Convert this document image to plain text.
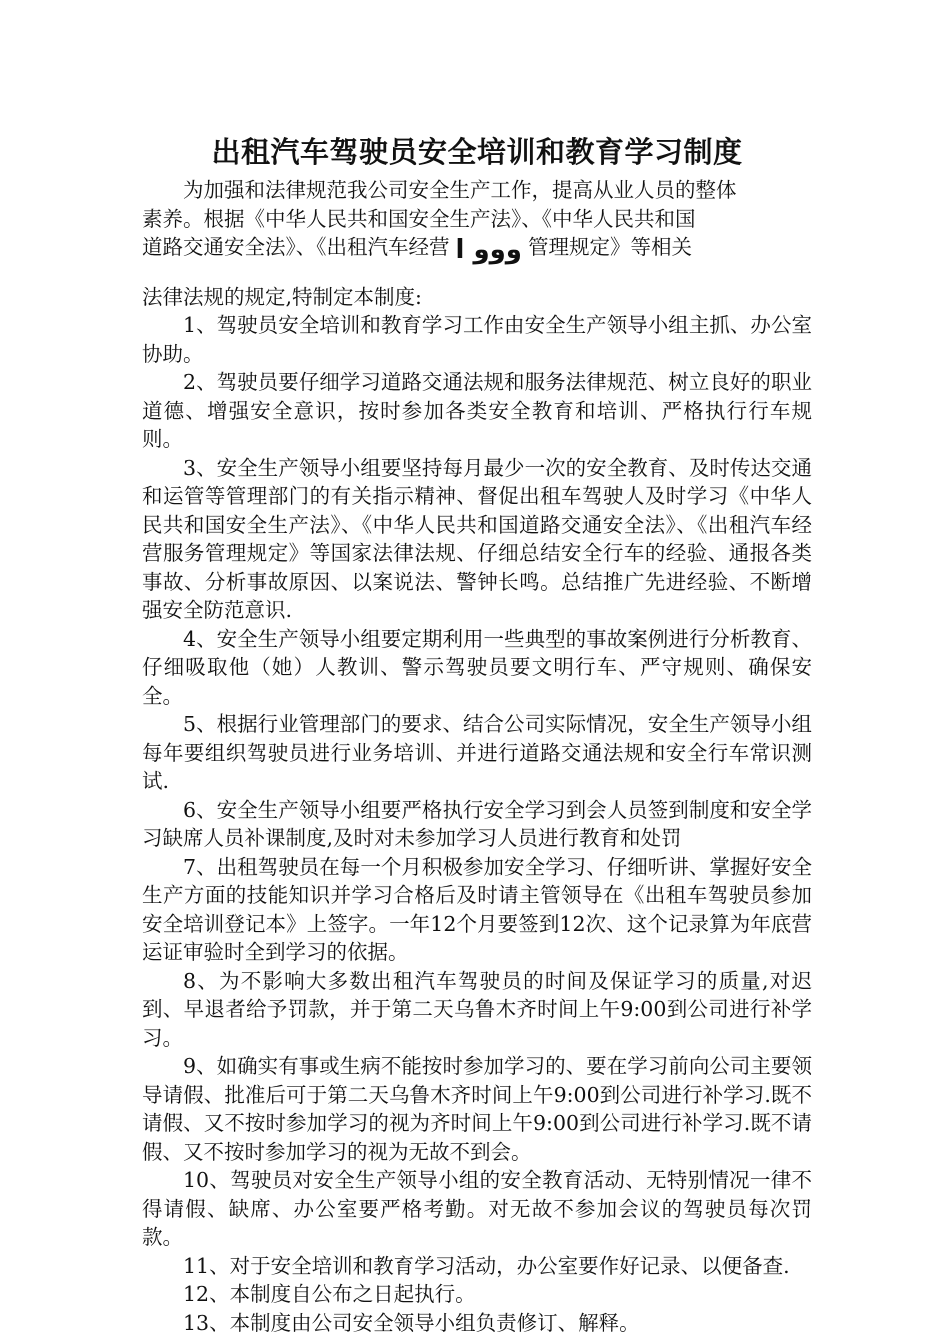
出租汽车驾驶员安全培训和教育学习制度

为加强和法律规范我公司安全生产工作，提高从业人员的整体

素养。根据《中华人民共和国安全生产法》、《中华人民共和国

道路交通安全法》、《出租汽车经营 ووو ا 管理规定》等相关

法律法规的规定,特制定本制度:

1、驾驶员安全培训和教育学习工作由安全生产领导小组主抓、办公室协助。

2、驾驶员要仔细学习道路交通法规和服务法律规范、树立良好的职业道德、增强安全意识，按时参加各类安全教育和培训、严格执行行车规则。

3、安全生产领导小组要坚持每月最少一次的安全教育、及时传达交通和运管等管理部门的有关指示精神、督促出租车驾驶人及时学习《中华人民共和国安全生产法》、《中华人民共和国道路交通安全法》、《出租汽车经营服务管理规定》等国家法律法规、仔细总结安全行车的经验、通报各类事故、分析事故原因、以案说法、警钟长鸣。总结推广先进经验、不断增强安全防范意识.

4、安全生产领导小组要定期利用一些典型的事故案例进行分析教育、仔细吸取他（她）人教训、警示驾驶员要文明行车、严守规则、确保安全。

5、根据行业管理部门的要求、结合公司实际情况，安全生产领导小组每年要组织驾驶员进行业务培训、并进行道路交通法规和安全行车常识测试.

6、安全生产领导小组要严格执行安全学习到会人员签到制度和安全学习缺席人员补课制度,及时对未参加学习人员进行教育和处罚

7、出租驾驶员在每一个月积极参加安全学习、仔细听讲、掌握好安全生产方面的技能知识并学习合格后及时请主管领导在《出租车驾驶员参加安全培训登记本》上签字。一年12个月要签到12次、这个记录算为年底营运证审验时全到学习的依据。

8、为不影响大多数出租汽车驾驶员的时间及保证学习的质量,对迟到、早退者给予罚款，并于第二天乌鲁木齐时间上午9:00到公司进行补学习。

9、如确实有事或生病不能按时参加学习的、要在学习前向公司主要领导请假、批准后可于第二天乌鲁木齐时间上午9:00到公司进行补学习.既不请假、又不按时参加学习的视为齐时间上午9:00到公司进行补学习.既不请假、又不按时参加学习的视为无故不到会。

10、驾驶员对安全生产领导小组的安全教育活动、无特别情况一律不得请假、缺席、办公室要严格考勤。对无故不参加会议的驾驶员每次罚款。

11、对于安全培训和教育学习活动，办公室要作好记录、以便备查.

12、本制度自公布之日起执行。

13、本制度由公司安全领导小组负责修订、解释。
